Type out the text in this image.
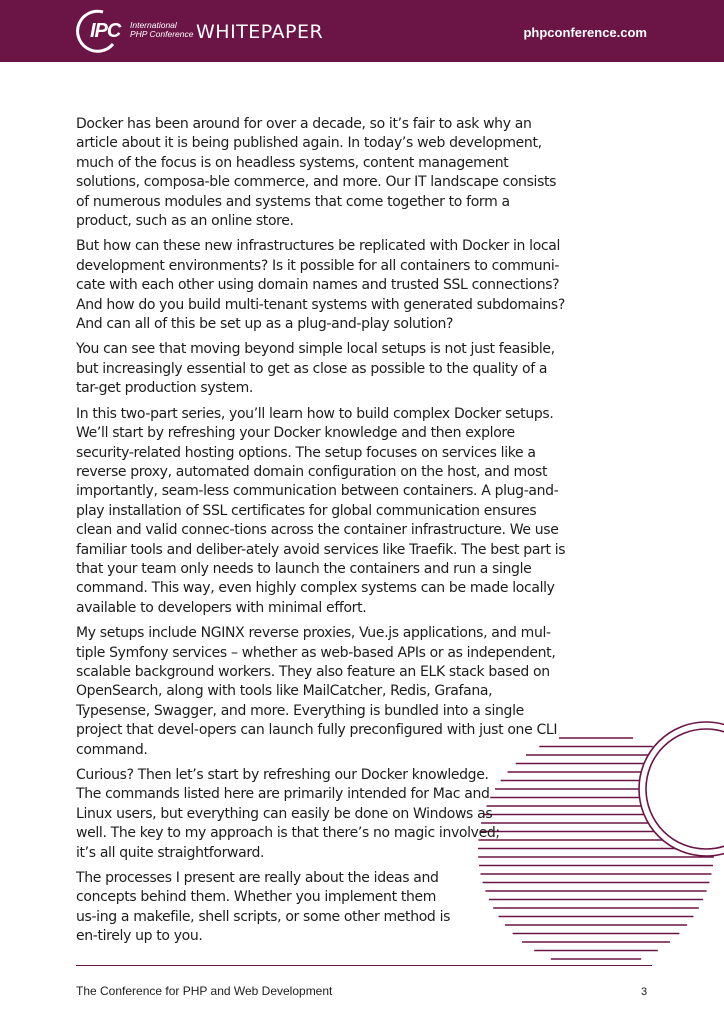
IPC International
PHP Conference WHITEPAPER	phpconference.com

Docker has been around for over a decade, so it’s fair to ask why an article about it is being published again. In today’s web development, much of the focus is on headless systems, content management solutions, composa-ble commerce, and more. Our IT landscape consists of numerous modules and systems that come together to form a product, such as an online store.

But how can these new infrastructures be replicated with Docker in local development environments? Is it possible for all containers to communi-cate with each other using domain names and trusted SSL connections? And how do you build multi-tenant systems with generated subdomains? And can all of this be set up as a plug-and-play solution?

You can see that moving beyond simple local setups is not just feasible, but increasingly essential to get as close as possible to the quality of a tar-get production system.

In this two-part series, you’ll learn how to build complex Docker setups. We’ll start by refreshing your Docker knowledge and then explore security-related hosting options. The setup focuses on services like a reverse proxy, automated domain configuration on the host, and most importantly, seam-less communication between containers. A plug-and-play installation of SSL certificates for global communication ensures clean and valid connec-tions across the container infrastructure. We use familiar tools and deliber-ately avoid services like Traefik. The best part is that your team only needs to launch the containers and run a single command. This way, even highly complex systems can be made locally available to developers with minimal effort.

My setups include NGINX reverse proxies, Vue.js applications, and mul-tiple Symfony services – whether as web-based APIs or as independent, scalable background workers. They also feature an ELK stack based on OpenSearch, along with tools like MailCatcher, Redis, Grafana, Typesense, Swagger, and more. Everything is bundled into a single project that devel-opers can launch fully preconfigured with just one CLI command.

Curious? Then let’s start by refreshing our Docker knowledge. The commands listed here are primarily intended for Mac and Linux users, but everything can easily be done on Windows as well. The key to my approach is that there’s no magic involved; it’s all quite straightforward.

The processes I present are really about the ideas and concepts behind them. Whether you implement them us-ing a makefile, shell scripts, or some other method is en-tirely up to you.

The Conference for PHP and Web Development	3
